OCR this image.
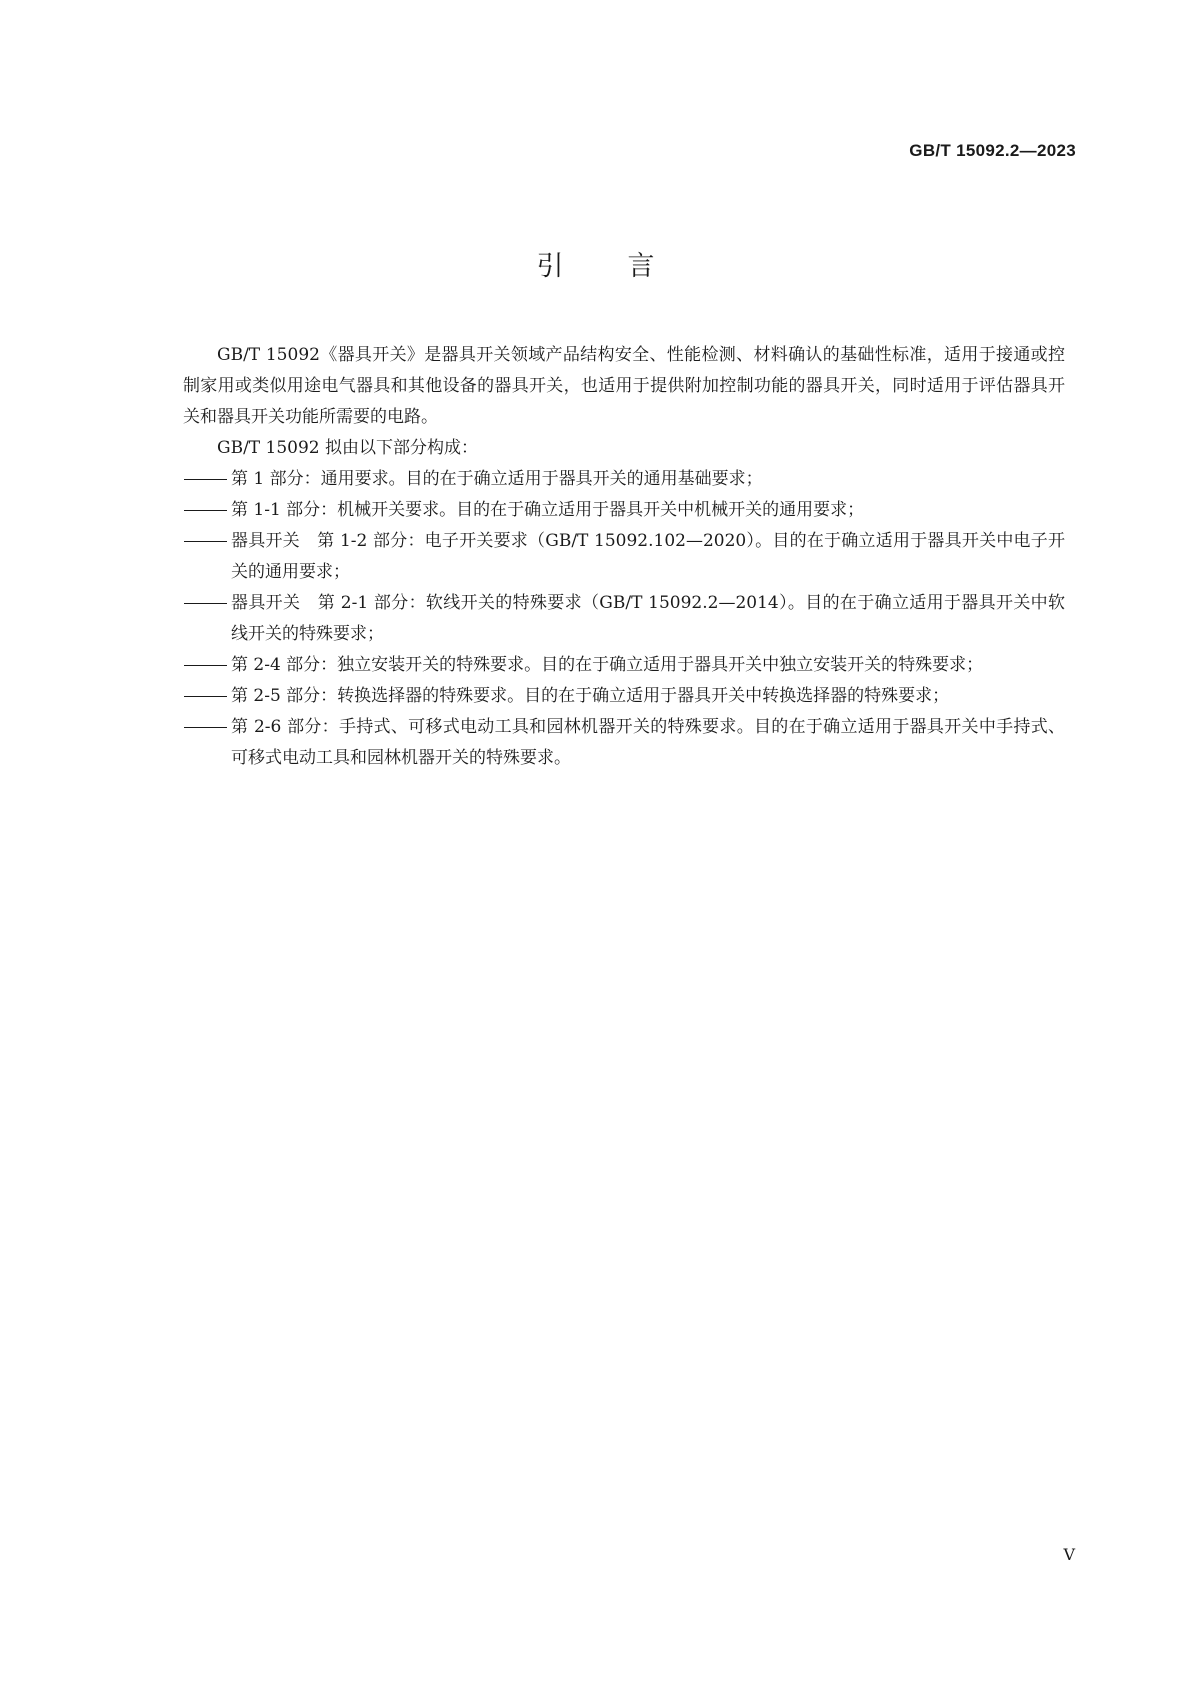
GB/T 15092.2—2023
引言

GB/T 15092《器具开关》是器具开关领域产品结构安全、性能检测、材料确认的基础性标准，适用于接通或控制家用或类似用途电气器具和其他设备的器具开关，也适用于提供附加控制功能的器具开关，同时适用于评估器具开关和器具开关功能所需要的电路。

GB/T 15092 拟由以下部分构成：

第 1 部分：通用要求。目的在于确立适用于器具开关的通用基础要求；
第 1-1 部分：机械开关要求。目的在于确立适用于器具开关中机械开关的通用要求；
器具开关　第 1-2 部分：电子开关要求（GB/T 15092.102—2020）。目的在于确立适用于器具开关中电子开关的通用要求；
器具开关　第 2-1 部分：软线开关的特殊要求（GB/T 15092.2—2014）。目的在于确立适用于器具开关中软线开关的特殊要求；
第 2-4 部分：独立安装开关的特殊要求。目的在于确立适用于器具开关中独立安装开关的特殊要求；
第 2-5 部分：转换选择器的特殊要求。目的在于确立适用于器具开关中转换选择器的特殊要求；
第 2-6 部分：手持式、可移式电动工具和园林机器开关的特殊要求。目的在于确立适用于器具开关中手持式、可移式电动工具和园林机器开关的特殊要求。
V
